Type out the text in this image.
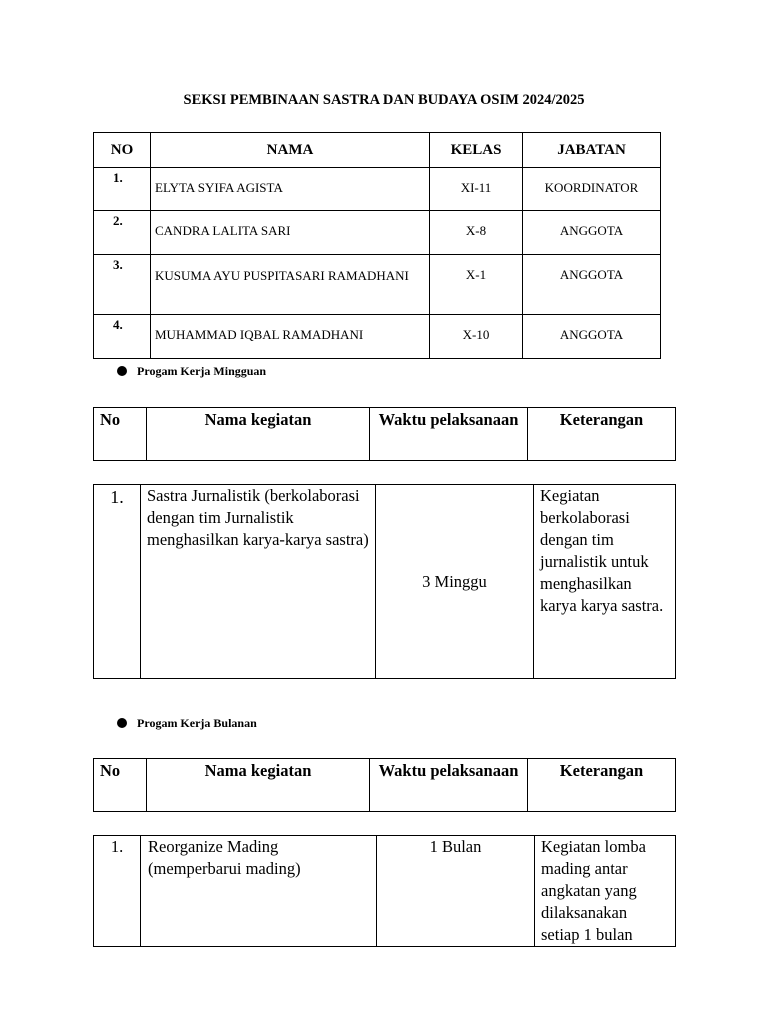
SEKSI PEMBINAAN SASTRA DAN BUDAYA OSIM 2024/2025
NO	NAMA	KELAS	JABATAN
1.	ELYTA SYIFA AGISTA	XI-11	KOORDINATOR
2.	CANDRA LALITA SARI	X-8	ANGGOTA
3.	KUSUMA AYU PUSPITASARI RAMADHANI	X-1	ANGGOTA
4.	MUHAMMAD IQBAL RAMADHANI	X-10	ANGGOTA
Progam Kerja Mingguan
No	Nama kegiatan	Waktu pelaksanaan	Keterangan
1.	Sastra Jurnalistik (berkolaborasi dengan tim Jurnalistik menghasilkan karya-karya sastra)	3 Minggu	Kegiatan berkolaborasi dengan tim jurnalistik untuk menghasilkan karya karya sastra.
Progam Kerja Bulanan
No	Nama kegiatan	Waktu pelaksanaan	Keterangan
1.	Reorganize Mading (memperbarui mading)	1 Bulan	Kegiatan lomba mading antar angkatan yang dilaksanakan setiap 1 bulan
